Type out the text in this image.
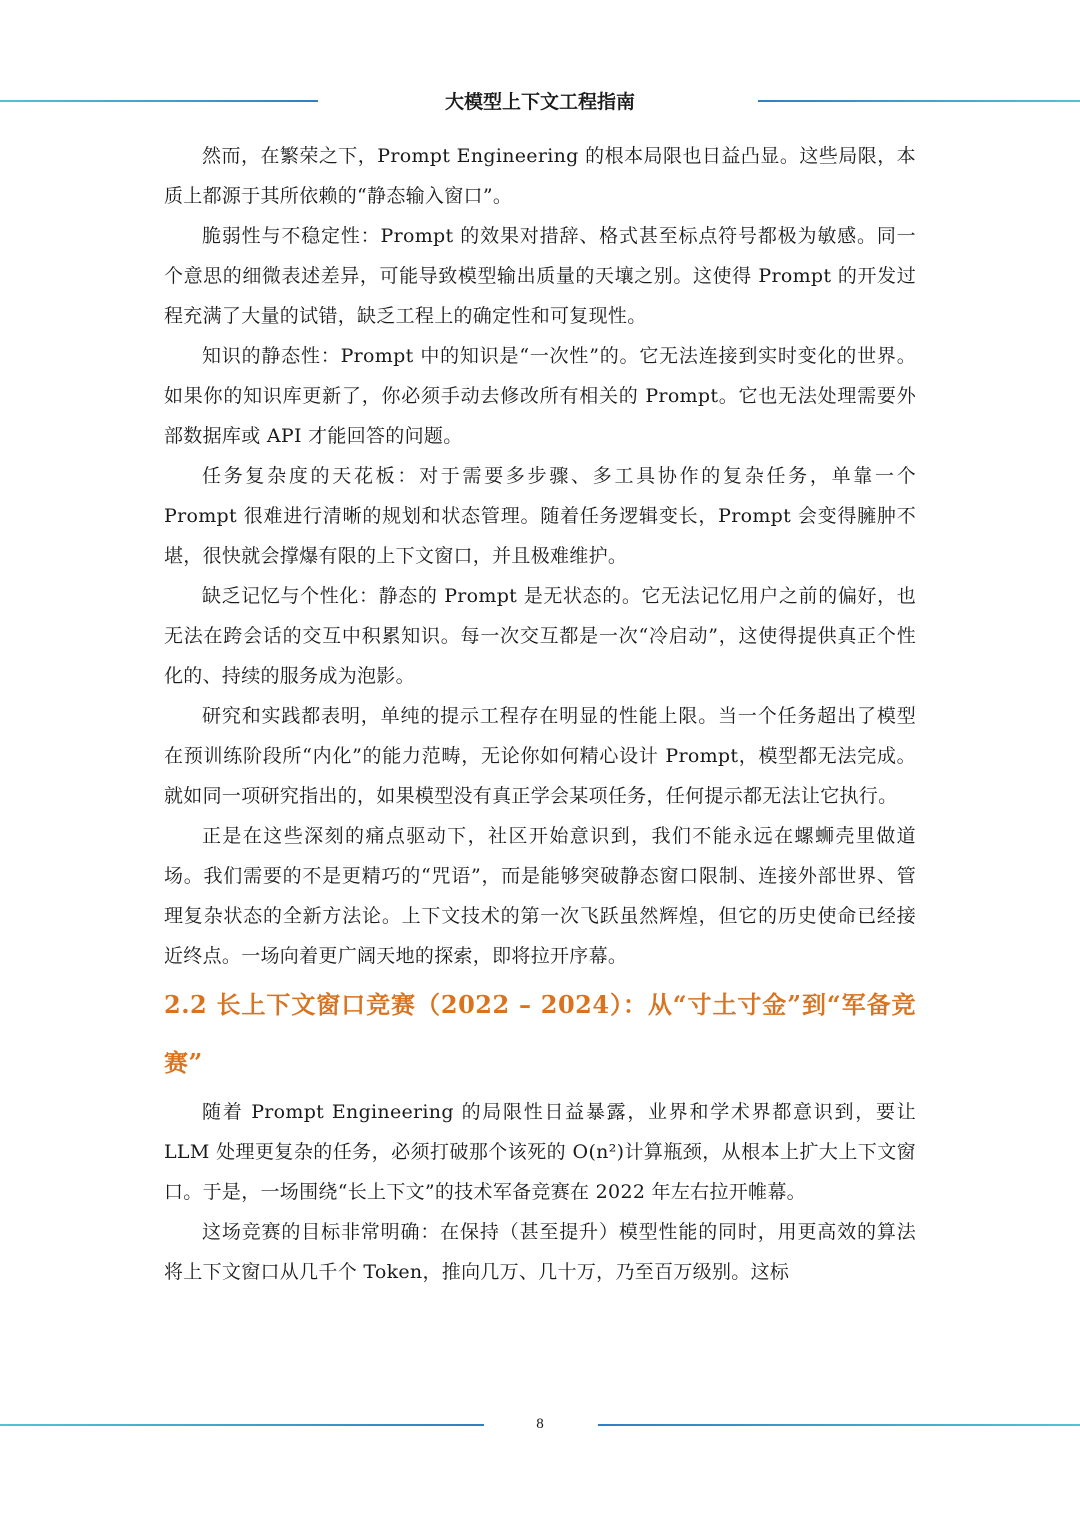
大模型上下文工程指南

然而，在繁荣之下，Prompt Engineering 的根本局限也日益凸显。这些局限，本质上都源于其所依赖的“静态输入窗口”。

脆弱性与不稳定性：Prompt 的效果对措辞、格式甚至标点符号都极为敏感。同一个意思的细微表述差异，可能导致模型输出质量的天壤之别。这使得 Prompt 的开发过程充满了大量的试错，缺乏工程上的确定性和可复现性。

知识的静态性：Prompt 中的知识是“一次性”的。它无法连接到实时变化的世界。如果你的知识库更新了，你必须手动去修改所有相关的 Prompt。它也无法处理需要外部数据库或 API 才能回答的问题。

任务复杂度的天花板：对于需要多步骤、多工具协作的复杂任务，单靠一个 Prompt 很难进行清晰的规划和状态管理。随着任务逻辑变长，Prompt 会变得臃肿不堪，很快就会撑爆有限的上下文窗口，并且极难维护。

缺乏记忆与个性化：静态的 Prompt 是无状态的。它无法记忆用户之前的偏好，也无法在跨会话的交互中积累知识。每一次交互都是一次“冷启动”，这使得提供真正个性化的、持续的服务成为泡影。

研究和实践都表明，单纯的提示工程存在明显的性能上限。当一个任务超出了模型在预训练阶段所“内化”的能力范畴，无论你如何精心设计 Prompt，模型都无法完成。就如同一项研究指出的，如果模型没有真正学会某项任务，任何提示都无法让它执行。

正是在这些深刻的痛点驱动下，社区开始意识到，我们不能永远在螺蛳壳里做道场。我们需要的不是更精巧的“咒语”，而是能够突破静态窗口限制、连接外部世界、管理复杂状态的全新方法论。上下文技术的第一次飞跃虽然辉煌，但它的历史使命已经接近终点。一场向着更广阔天地的探索，即将拉开序幕。

2.2 长上下文窗口竞赛（2022 – 2024）：从“寸土寸金”到“军备竞赛”

随着 Prompt Engineering 的局限性日益暴露，业界和学术界都意识到，要让 LLM 处理更复杂的任务，必须打破那个该死的 O(n²)计算瓶颈，从根本上扩大上下文窗口。于是，一场围绕“长上下文”的技术军备竞赛在 2022 年左右拉开帷幕。

这场竞赛的目标非常明确：在保持（甚至提升）模型性能的同时，用更高效的算法将上下文窗口从几千个 Token，推向几万、几十万，乃至百万级别。这标

8
